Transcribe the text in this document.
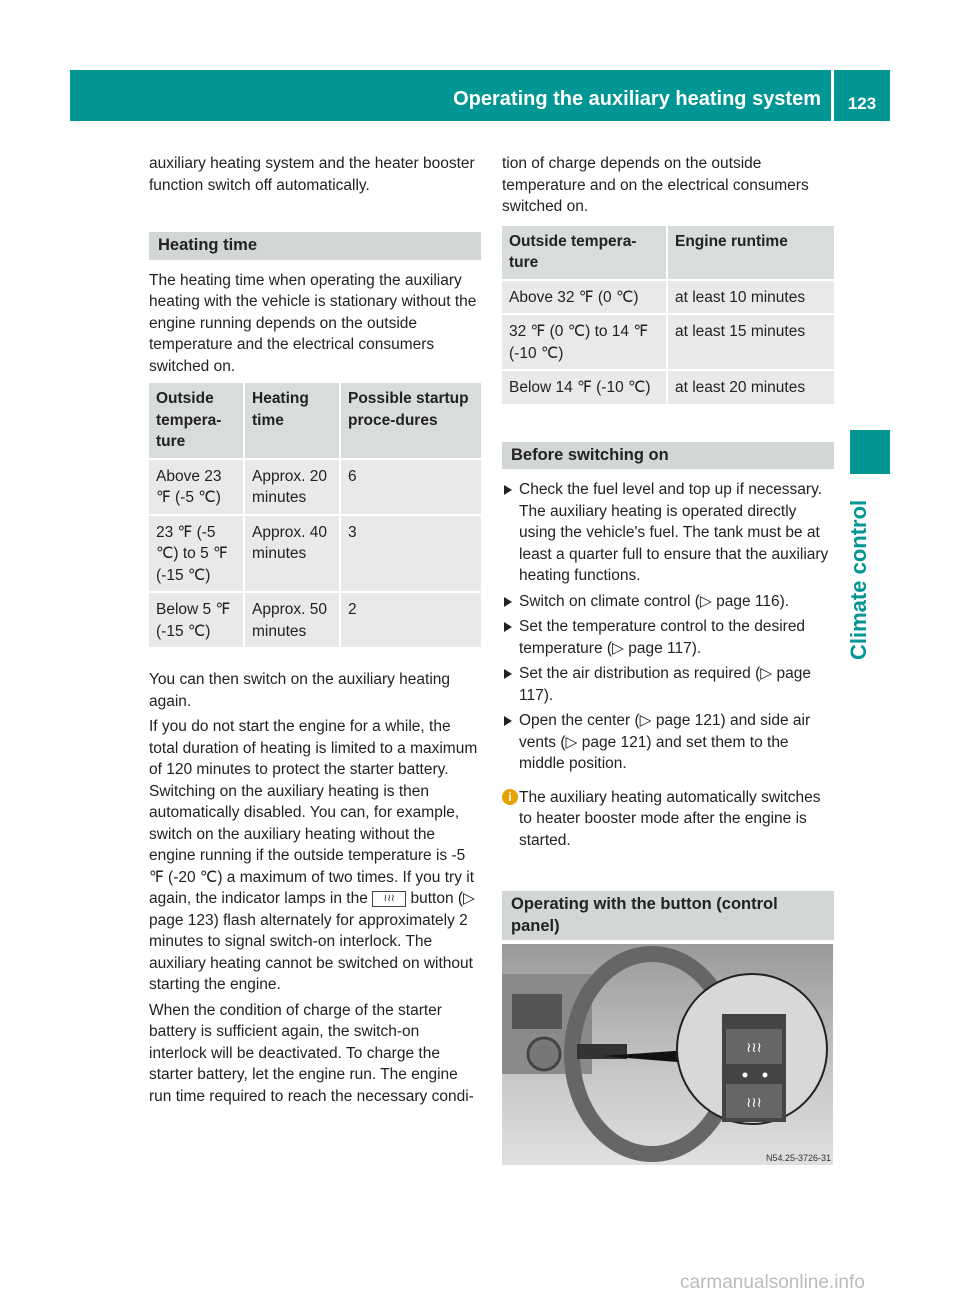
Operating the auxiliary heating system	123
Climate control

auxiliary heating system and the heater booster function switch off automatically.

Heating time

The heating time when operating the auxiliary heating with the vehicle is stationary without the engine running depends on the outside temperature and the electrical consumers switched on.

Outside tempera-ture	Heating time	Possible startup proce-dures
Above 23 ℉ (-5 ℃)	Approx. 20 minutes	6
23 ℉ (-5 ℃) to 5 ℉ (-15 ℃)	Approx. 40 minutes	3
Below 5 ℉ (-15 ℃)	Approx. 50 minutes	2

You can then switch on the auxiliary heating again.

If you do not start the engine for a while, the total duration of heating is limited to a maximum of 120 minutes to protect the starter battery. Switching on the auxiliary heating is then automatically disabled. You can, for example, switch on the auxiliary heating without the engine running if the outside temperature is -5 ℉ (-20 ℃) a maximum of two times. If you try it again, the indicator lamps in the ≀≀≀ button (▷ page 123) flash alternately for approximately 2 minutes to signal switch-on interlock. The auxiliary heating cannot be switched on without starting the engine.

When the condition of charge of the starter battery is sufficient again, the switch-on interlock will be deactivated. To charge the starter battery, let the engine run. The engine run time required to reach the necessary condi-

tion of charge depends on the outside temperature and on the electrical consumers switched on.

Outside tempera-ture	Engine runtime
Above 32 ℉ (0 ℃)	at least 10 minutes
32 ℉ (0 ℃) to 14 ℉ (-10 ℃)	at least 15 minutes
Below 14 ℉ (-10 ℃)	at least 20 minutes
Before switching on
Check the fuel level and top up if necessary. The auxiliary heating is operated directly using the vehicle's fuel. The tank must be at least a quarter full to ensure that the auxiliary heating functions.
Switch on climate control (▷ page 116).
Set the temperature control to the desired temperature (▷ page 117).
Set the air distribution as required (▷ page 117).
Open the center (▷ page 121) and side air vents (▷ page 121) and set them to the middle position.
i The auxiliary heating automatically switches to heater booster mode after the engine is started.
Operating with the button (control panel)
≀≀≀
≀≀≀
N54.25-3726-31
carmanualsonline.info
